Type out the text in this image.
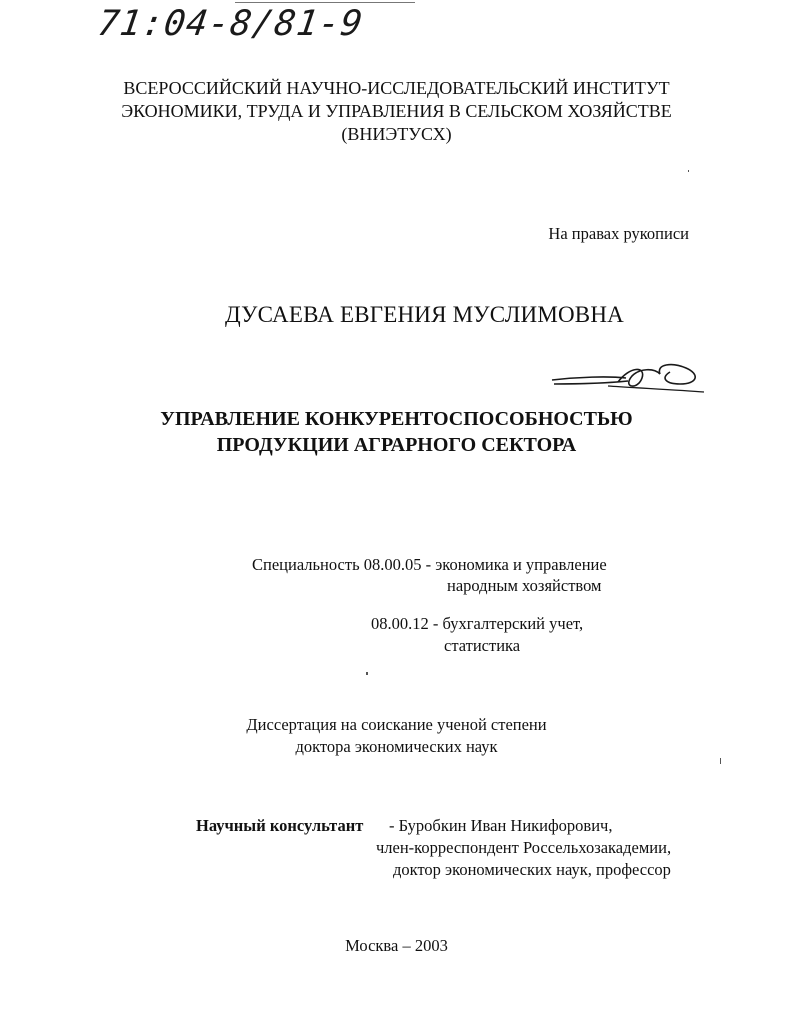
71:04-8/81-9
ВСЕРОССИЙСКИЙ НАУЧНО-ИССЛЕДОВАТЕЛЬСКИЙ ИНСТИТУТ
ЭКОНОМИКИ, ТРУДА И УПРАВЛЕНИЯ В СЕЛЬСКОМ ХОЗЯЙСТВЕ
(ВНИЭТУСХ)
На правах рукописи
ДУСАЕВА ЕВГЕНИЯ МУСЛИМОВНА
УПРАВЛЕНИЕ КОНКУРЕНТОСПОСОБНОСТЬЮ
ПРОДУКЦИИ АГРАРНОГО СЕКТОРА
Специальность 08.00.05 - экономика и управление
народным хозяйством
08.00.12 - бухгалтерский учет,
статистика
Диссертация на соискание ученой степени
доктора экономических наук
Научный консультант - Буробкин Иван Никифорович,
член-корреспондент Россельхозакадемии,
доктор экономических наук, профессор
Москва – 2003
